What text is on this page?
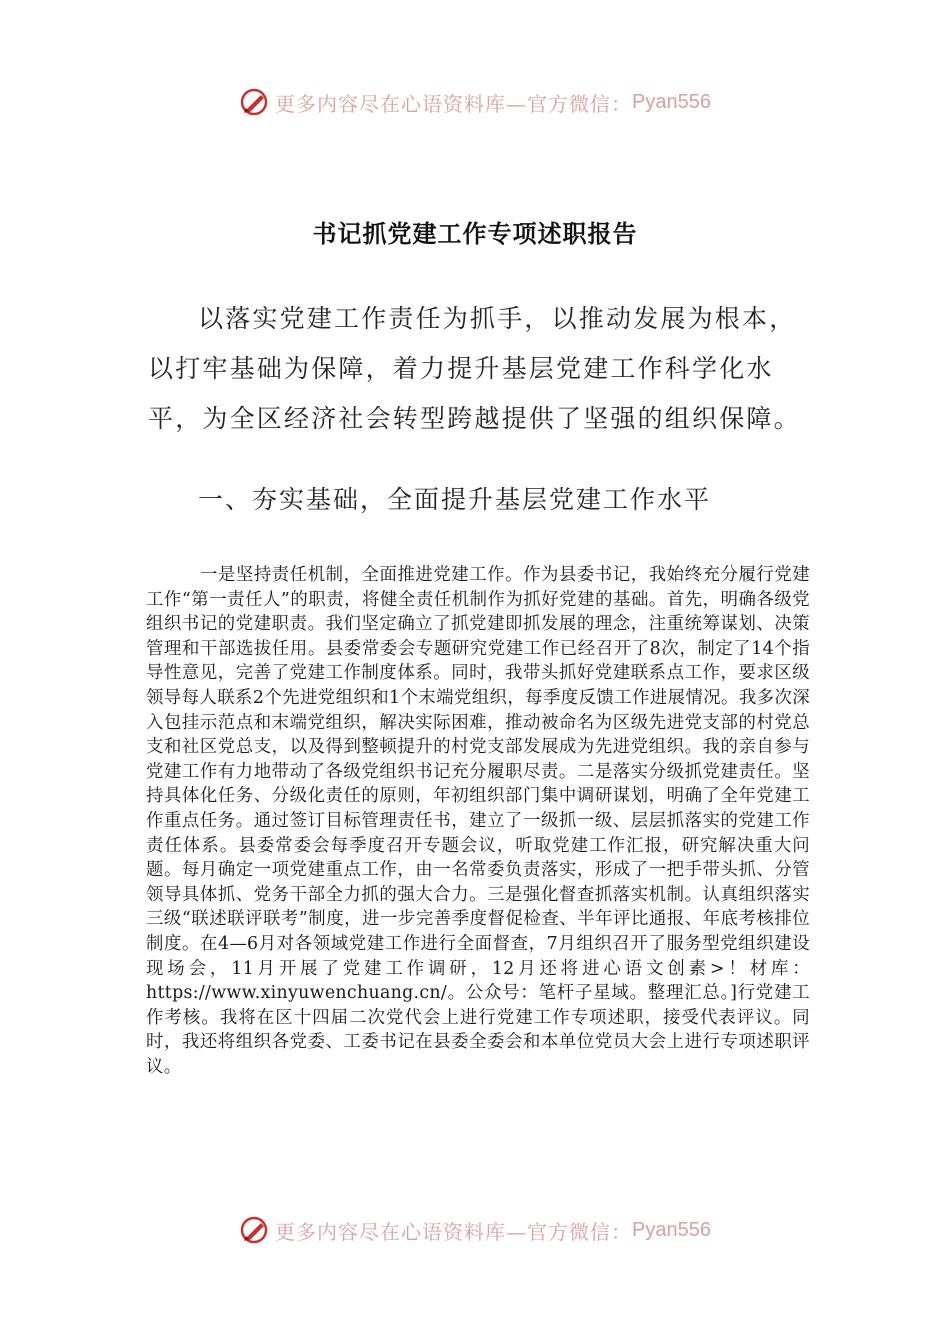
更多内容尽在心语资料库—官方微信： Pyan556
书记抓党建工作专项述职报告

以落实党建工作责任为抓手，以推动发展为根本，以打牢基础为保障，着力提升基层党建工作科学化水平，为全区经济社会转型跨越提供了坚强的组织保障。

一、夯实基础，全面提升基层党建工作水平

一是坚持责任机制，全面推进党建工作。作为县委书记，我始终充分履行党建工作“第一责任人”的职责，将健全责任机制作为抓好党建的基础。首先，明确各级党组织书记的党建职责。我们坚定确立了抓党建即抓发展的理念，注重统筹谋划、决策管理和干部选拔任用。县委常委会专题研究党建工作已经召开了8次，制定了14个指导性意见，完善了党建工作制度体系。同时，我带头抓好党建联系点工作，要求区级领导每人联系2个先进党组织和1个末端党组织，每季度反馈工作进展情况。我多次深入包挂示范点和末端党组织，解决实际困难，推动被命名为区级先进党支部的村党总支和社区党总支，以及得到整顿提升的村党支部发展成为先进党组织。我的亲自参与党建工作有力地带动了各级党组织书记充分履职尽责。二是落实分级抓党建责任。坚持具体化任务、分级化责任的原则，年初组织部门集中调研谋划，明确了全年党建工作重点任务。通过签订目标管理责任书，建立了一级抓一级、层层抓落实的党建工作责任体系。县委常委会每季度召开专题会议，听取党建工作汇报，研究解决重大问题。每月确定一项党建重点工作，由一名常委负责落实，形成了一把手带头抓、分管领导具体抓、党务干部全力抓的强大合力。三是强化督查抓落实机制。认真组织落实三级“联述联评联考”制度，进一步完善季度督促检查、半年评比通报、年底考核排位制度。在4—6月对各领域党建工作进行全面督查，7月组织召开了服务型党组织建设现场会，11月开展了党建工作调研，12月还将进心语文创素>！材库：https://www.xinyuwenchuang.cn/。公众号：笔杆子星域。整理汇总。]行党建工作考核。我将在区十四届二次党代会上进行党建工作专项述职，接受代表评议。同时，我还将组织各党委、工委书记在县委全委会和本单位党员大会上进行专项述职评议。

更多内容尽在心语资料库—官方微信： Pyan556
